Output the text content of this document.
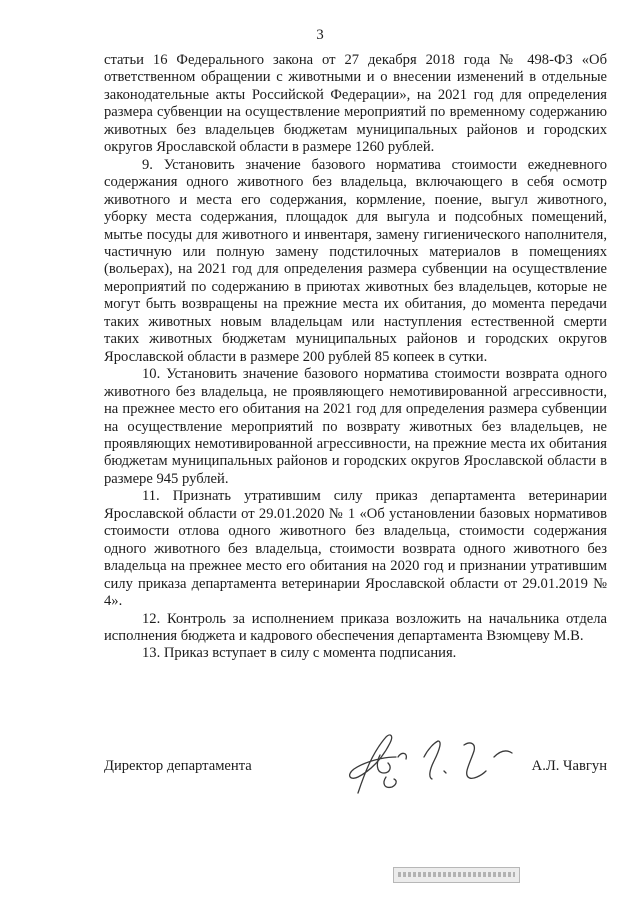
3

статьи 16 Федерального закона от 27 декабря 2018 года № 498-ФЗ «Об ответственном обращении с животными и о внесении изменений в отдельные законодательные акты Российской Федерации», на 2021 год для определения размера субвенции на осуществление мероприятий по временному содержанию животных без владельцев бюджетам муниципальных районов и городских округов Ярославской области в размере 1260 рублей.

9. Установить значение базового норматива стоимости ежедневного содержания одного животного без владельца, включающего в себя осмотр животного и места его содержания, кормление, поение, выгул животного, уборку места содержания, площадок для выгула и подсобных помещений, мытье посуды для животного и инвентаря, замену гигиенического наполнителя, частичную или полную замену подстилочных материалов в помещениях (вольерах), на 2021 год для определения размера субвенции на осуществление мероприятий по содержанию в приютах животных без владельцев, которые не могут быть возвращены на прежние места их обитания, до момента передачи таких животных новым владельцам или наступления естественной смерти таких животных бюджетам муниципальных районов и городских округов Ярославской области в размере 200 рублей 85 копеек в сутки.

10. Установить значение базового норматива стоимости возврата одного животного без владельца, не проявляющего немотивированной агрессивности, на прежнее место его обитания на 2021 год для определения размера субвенции на осуществление мероприятий по возврату животных без владельцев, не проявляющих немотивированной агрессивности, на прежние места их обитания бюджетам муниципальных районов и городских округов Ярославской области в размере 945 рублей.

11. Признать утратившим силу приказ департамента ветеринарии Ярославской области от 29.01.2020 № 1 «Об установлении базовых нормативов стоимости отлова одного животного без владельца, стоимости содержания одного животного без владельца, стоимости возврата одного животного без владельца на прежнее место его обитания на 2020 год и признании утратившим силу приказа департамента ветеринарии Ярославской области от 29.01.2019 № 4».

12. Контроль за исполнением приказа возложить на начальника отдела исполнения бюджета и кадрового обеспечения департамента Взюмцеву М.В.

13. Приказ вступает в силу с момента подписания.

Директор департамента	А.Л. Чавгун
